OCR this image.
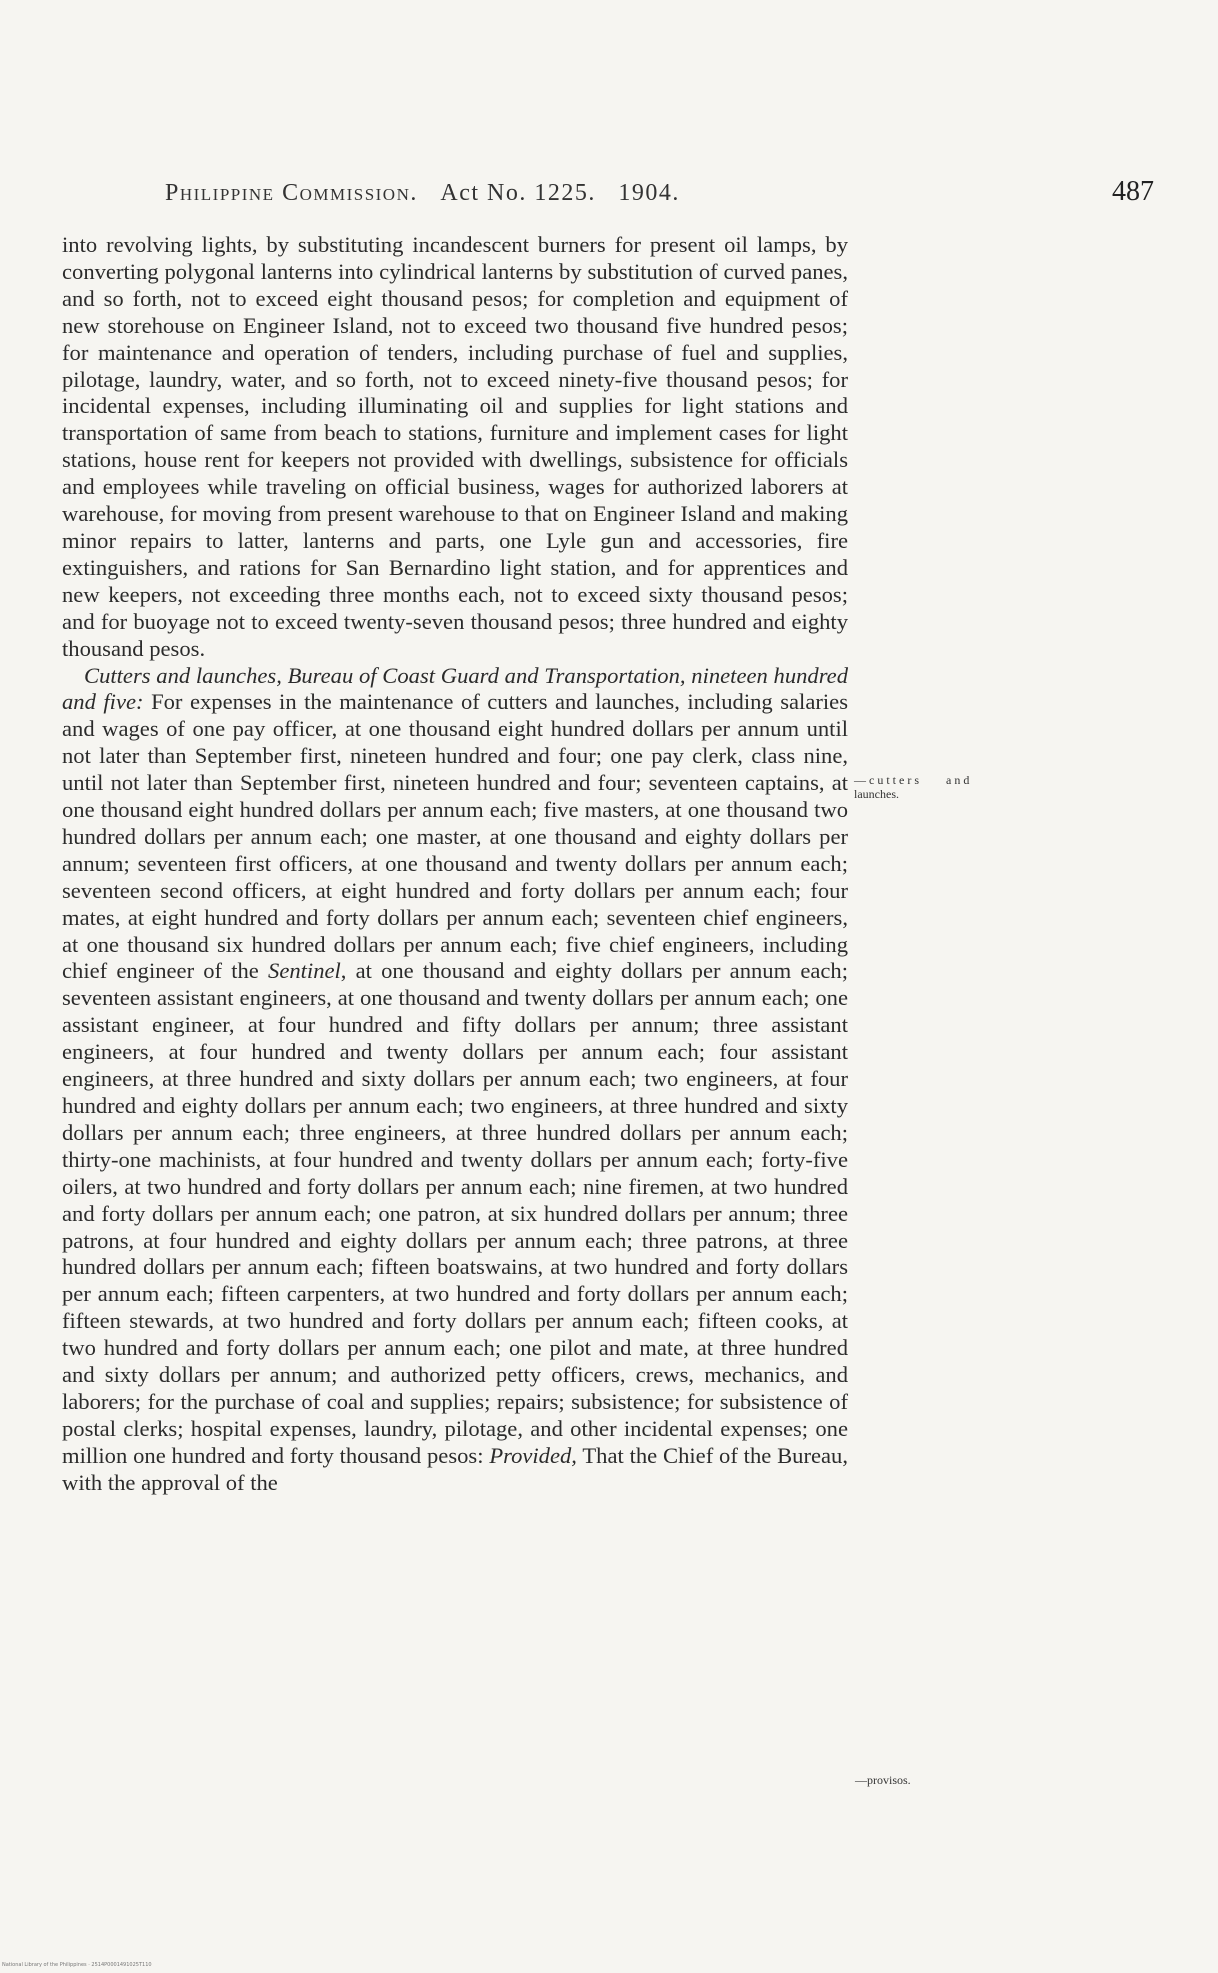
Philippine Commission. Act No. 1225. 1904.	487

into revolving lights, by substituting incandescent burners for present oil lamps, by converting polygonal lanterns into cylindrical lanterns by substitution of curved panes, and so forth, not to exceed eight thousand pesos; for completion and equipment of new storehouse on Engineer Island, not to exceed two thousand five hundred pesos; for maintenance and operation of tenders, including purchase of fuel and supplies, pilotage, laundry, water, and so forth, not to exceed ninety-five thousand pesos; for incidental expenses, including illuminating oil and supplies for light stations and transportation of same from beach to stations, furniture and implement cases for light stations, house rent for keepers not provided with dwellings, subsistence for officials and employees while traveling on official business, wages for authorized laborers at warehouse, for moving from present warehouse to that on Engineer Island and making minor repairs to latter, lanterns and parts, one Lyle gun and accessories, fire extinguishers, and rations for San Bernardino light station, and for apprentices and new keepers, not exceeding three months each, not to exceed sixty thousand pesos; and for buoyage not to exceed twenty-seven thousand pesos; three hundred and eighty thousand pesos.

Cutters and launches, Bureau of Coast Guard and Transportation, nineteen hundred and five: For expenses in the maintenance of cutters and launches, including salaries and wages of one pay officer, at one thousand eight hundred dollars per annum until not later than September first, nineteen hundred and four; one pay clerk, class nine, until not later than September first, nineteen hundred and four; seventeen captains, at one thousand eight hundred dollars per annum each; five masters, at one thousand two hundred dollars per annum each; one master, at one thousand and eighty dollars per annum; seventeen first officers, at one thousand and twenty dollars per annum each; seventeen second officers, at eight hundred and forty dollars per annum each; four mates, at eight hundred and forty dollars per annum each; seventeen chief engineers, at one thousand six hundred dollars per annum each; five chief engineers, including chief engineer of the Sentinel, at one thousand and eighty dollars per annum each; seventeen assistant engineers, at one thousand and twenty dollars per annum each; one assistant engineer, at four hundred and fifty dollars per annum; three assistant engineers, at four hundred and twenty dollars per annum each; four assistant engineers, at three hundred and sixty dollars per annum each; two engineers, at four hundred and eighty dollars per annum each; two engineers, at three hundred and sixty dollars per annum each; three engineers, at three hundred dollars per annum each; thirty-one machinists, at four hundred and twenty dollars per annum each; forty-five oilers, at two hundred and forty dollars per annum each; nine firemen, at two hundred and forty dollars per annum each; one patron, at six hundred dollars per annum; three patrons, at four hundred and eighty dollars per annum each; three patrons, at three hundred dollars per annum each; fifteen boatswains, at two hundred and forty dollars per annum each; fifteen carpenters, at two hundred and forty dollars per annum each; fifteen stewards, at two hundred and forty dollars per annum each; fifteen cooks, at two hundred and forty dollars per annum each; one pilot and mate, at three hundred and sixty dollars per annum; and authorized petty officers, crews, mechanics, and laborers; for the purchase of coal and supplies; repairs; subsistence; for subsistence of postal clerks; hospital expenses, laundry, pilotage, and other incidental expenses; one million one hundred and forty thousand pesos: Provided, That the Chief of the Bureau, with the approval of the

—cutters and
launches.
—provisos.
National Library of the Philippines · 2514P0001491025T110
